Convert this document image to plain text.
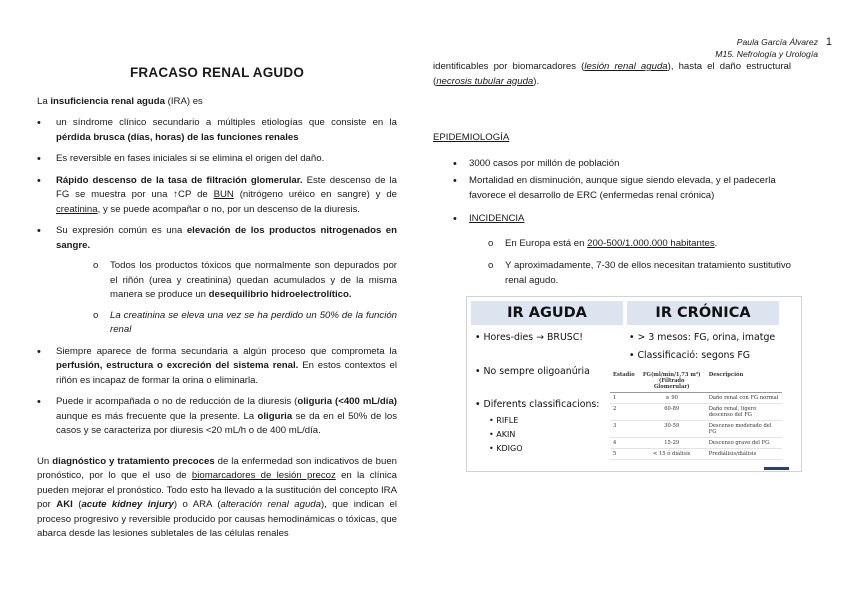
Paula García Álvarez
M15. Nefrología y Urología
1
FRACASO RENAL AGUDO

La insuficiencia renal aguda (IRA) es

• un síndrome clínico secundario a múltiples etiologías que consiste en la pérdida brusca (días, horas) de las funciones renales
• Es reversible en fases iniciales si se elimina el origen del daño.
• Rápido descenso de la tasa de filtración glomerular. Este descenso de la FG se muestra por una ↑CP de BUN (nitrógeno uréico en sangre) y de creatinina, y se puede acompañar o no, por un descenso de la diuresis.
• Su expresión común es una elevación de los productos nitrogenados en sangre.
o Todos los productos tóxicos que normalmente son depurados por el riñón (urea y creatinina) quedan acumulados y de la misma manera se produce un desequilibrio hidroelectrolítico.
o La creatinina se eleva una vez se ha perdido un 50% de la función renal
• Siempre aparece de forma secundaria a algún proceso que comprometa la perfusión, estructura o excreción del sistema renal. En estos contextos el riñón es incapaz de formar la orina o eliminarla.
• Puede ir acompañada o no de reducción de la diuresis (oliguria (<400 mL/día) aunque es más frecuente que la presente. La oliguria se da en el 50% de los casos y se caracteriza por diuresis <20 mL/h o de 400 mL/día.

Un diagnóstico y tratamiento precoces de la enfermedad son indicativos de buen pronóstico, por lo que el uso de biomarcadores de lesión precoz en la clínica pueden mejorar el pronóstico. Todo esto ha llevado a la sustitución del concepto IRA por AKI (acute kidney injury) o ARA (alteración renal aguda), que indican el proceso progresivo y reversible producido por causas hemodinámicas o tóxicas, que abarca desde las lesiones subletales de las células renales

identificables por biomarcadores (lesión renal aguda), hasta el daño estructural (necrosis tubular aguda).

EPIDEMIOLOGÍA
• 3000 casos por millón de población
• Mortalidad en disminución, aunque sigue siendo elevada, y el padecerla favorece el desarrollo de ERC (enfermedas renal crónica)
• INCIDENCIA
o En Europa está en 200-500/1.000.000 habitantes.
o Y aproximadamente, 7-30 de ellos necesitan tratamiento sustitutivo renal agudo.
IR AGUDA	IR CRÓNICA
• Hores-dies → BRUSC!
• No sempre oligoanúria
• Diferents classificacions:
• RIFLE
• AKIN
• KDIGO
• > 3 mesos: FG, orina, imatge
• Classificació: segons FG
Estadio	FG(ml/min/1,73 m²) (Filtrado Glomerular)	Descripción
1	≥ 90	Daño renal con FG normal
2	60-89	Daño renal, ligero descenso del FG
3	30-59	Descenso moderado del FG
4	15-29	Descenso grave del FG
5	< 15 ó diálisis	Prediálisis/diálisis
